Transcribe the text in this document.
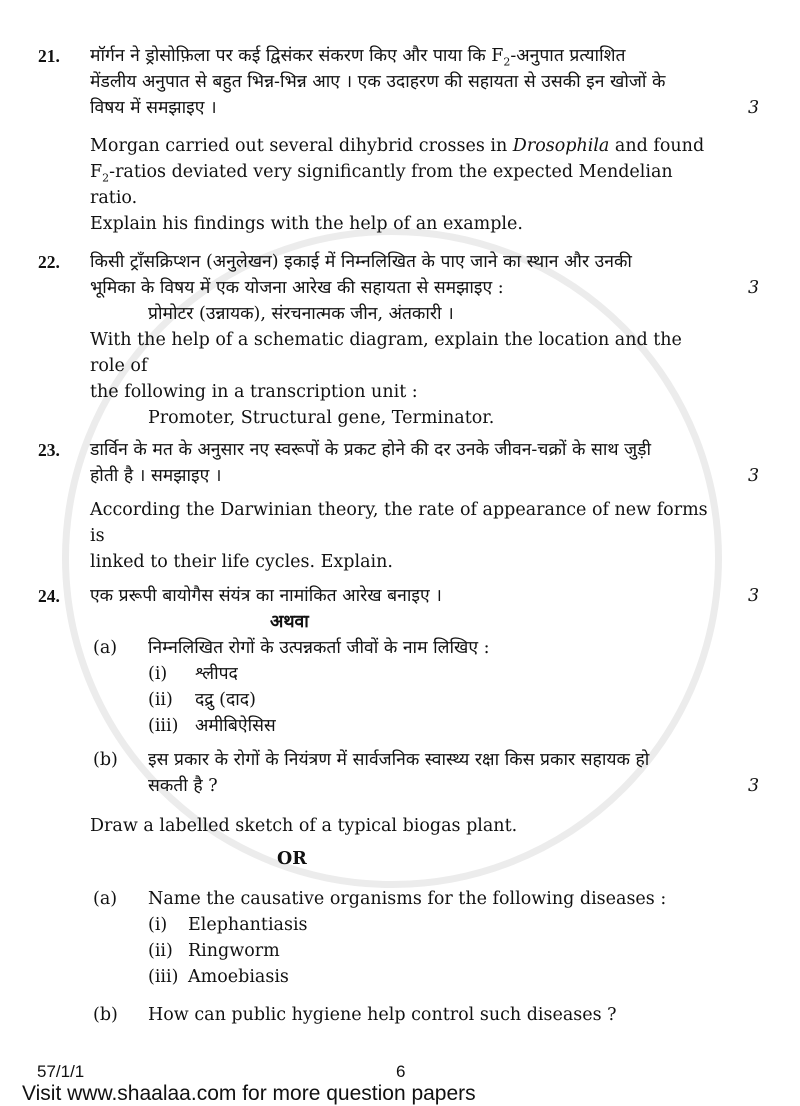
21.	मॉर्गन ने ड्रोसोफ़िला पर कई द्विसंकर संकरण किए और पाया कि $F_2-अनुपात$ प्रत्याशित
मेंडलीय अनुपात से बहुत भिन्न-भिन्न आए । एक उदाहरण की सहायता से उसकी इन खोजों के
विषय में समझाइए ।	3
Morgan carried out several dihybrid crosses in Drosophila and found
$F_2$-ratios deviated very significantly from the expected Mendelian ratio.
Explain his findings with the help of an example.
22.	किसी ट्राँसक्रिप्शन (अनुलेखन) इकाई में निम्नलिखित के पाए जाने का स्थान और उनकी
भूमिका के विषय में एक योजना आरेख की सहायता से समझाइए :	3
प्रोमोटर (उन्नायक), संरचनात्मक जीन, अंतकारी ।
With the help of a schematic diagram, explain the location and the role of
the following in a transcription unit :
Promoter, Structural gene, Terminator.
23.	डार्विन के मत के अनुसार नए स्वरूपों के प्रकट होने की दर उनके जीवन-चक्रों के साथ जुड़ी
होती है । समझाइए ।	3
According the Darwinian theory, the rate of appearance of new forms is
linked to their life cycles. Explain.
24.	एक प्ररूपी बायोगैस संयंत्र का नामांकित आरेख बनाइए ।	3
अथवा
(a)	निम्नलिखित रोगों के उत्पन्नकर्ता जीवों के नाम लिखिए :
(i)	श्लीपद
(ii)	दद्रु (दाद)
(iii) अमीबिऐसिस
(b)	इस प्रकार के रोगों के नियंत्रण में सार्वजनिक स्वास्थ्य रक्षा किस प्रकार सहायक हो
सकती है ?	3
Draw a labelled sketch of a typical biogas plant.
OR
(a)	Name the causative organisms for the following diseases :
(i)	Elephantiasis
(ii) Ringworm
(iii) Amoebiasis
(b)	How can public hygiene help control such diseases ?
57/1/1	6
Visit www.shaalaa.com for more question papers
